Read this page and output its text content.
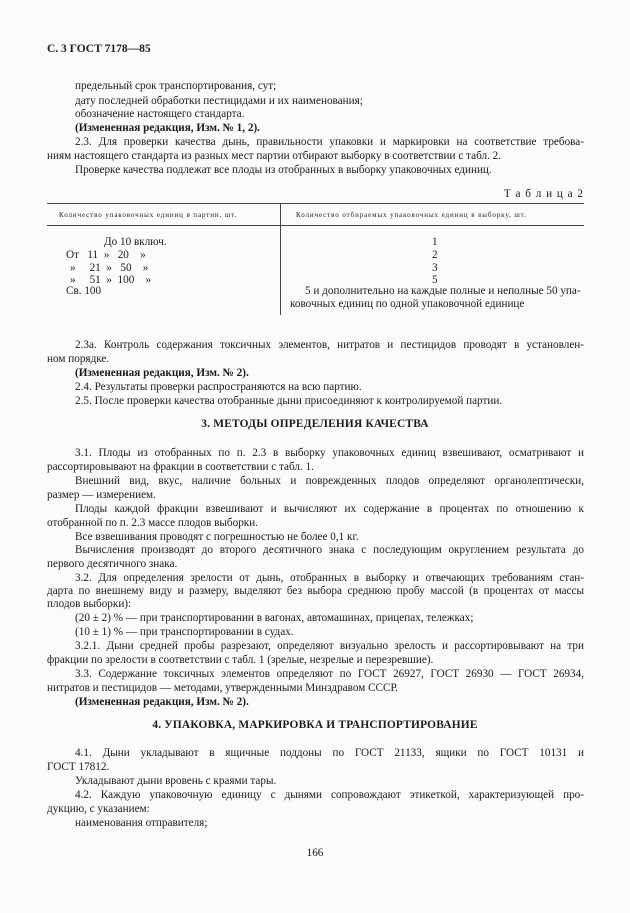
С. 3 ГОСТ 7178—85
предельный срок транспортирования, сут;
дату последней обработки пестицидами и их наименования;
обозначение настоящего стандарта.
(Измененная редакция, Изм. № 1, 2).
2.3. Для проверки качества дынь, правильности упаковки и маркировки на соответствие требова-
ниям настоящего стандарта из разных мест партии отбирают выборку в соответствии с табл. 2.
Проверке качества подлежат все плоды из отобранных в выборку упаковочных единиц.
Т а б л и ц а 2
Количество упаковочных единиц в партии, шт.	Количество отбираемых упаковочных единиц в выборку, шт.
До 10 включ.
От   11  »   20    »
»     21  »   50    »
»     51  »  100    »
Св. 100
1
2
3
5
5 и дополнительно на каждые полные и неполные 50 упа-
ковочных единиц по одной упаковочной единице
2.3а. Контроль содержания токсичных элементов, нитратов и пестицидов проводят в установлен-
ном порядке.
(Измененная редакция, Изм. № 2).
2.4. Результаты проверки распространяются на всю партию.
2.5. После проверки качества отобранные дыни присоединяют к контролируемой партии.
3. МЕТОДЫ ОПРЕДЕЛЕНИЯ КАЧЕСТВА
3.1. Плоды из отобранных по п. 2.3 в выборку упаковочных единиц взвешивают, осматривают и
рассортировывают на фракции в соответствии с табл. 1.
Внешний вид, вкус, наличие больных и поврежденных плодов определяют органолептически,
размер — измерением.
Плоды каждой фракции взвешивают и вычисляют их содержание в процентах по отношению к
отобранной по п. 2.3 массе плодов выборки.
Все взвешивания проводят с погрешностью не более 0,1 кг.
Вычисления производят до второго десятичного знака с последующим округлением результата до
первого десятичного знака.
3.2. Для определения зрелости от дынь, отобранных в выборку и отвечающих требованиям стан-
дарта по внешнему виду и размеру, выделяют без выбора среднюю пробу массой (в процентах от массы
плодов выборки):
(20 ± 2) % — при транспортировании в вагонах, автомашинах, прицепах, тележках;
(10 ± 1) % — при транспортировании в судах.
3.2.1. Дыни средней пробы разрезают, определяют визуально зрелость и рассортировывают на три
фракции по зрелости в соответствии с табл. 1 (зрелые, незрелые и перезревшие).
3.3. Содержание токсичных элементов определяют по ГОСТ 26927, ГОСТ 26930 — ГОСТ 26934,
нитратов и пестицидов — методами, утвержденными Минздравом СССР.
(Измененная редакция, Изм. № 2).
4. УПАКОВКА, МАРКИРОВКА И ТРАНСПОРТИРОВАНИЕ
4.1. Дыни укладывают в ящичные поддоны по ГОСТ 21133, ящики по ГОСТ 10131 и
ГОСТ 17812.
Укладывают дыни вровень с краями тары.
4.2. Каждую упаковочную единицу с дынями сопровождают этикеткой, характеризующей про-
дукцию, с указанием:
наименования отправителя;
166
